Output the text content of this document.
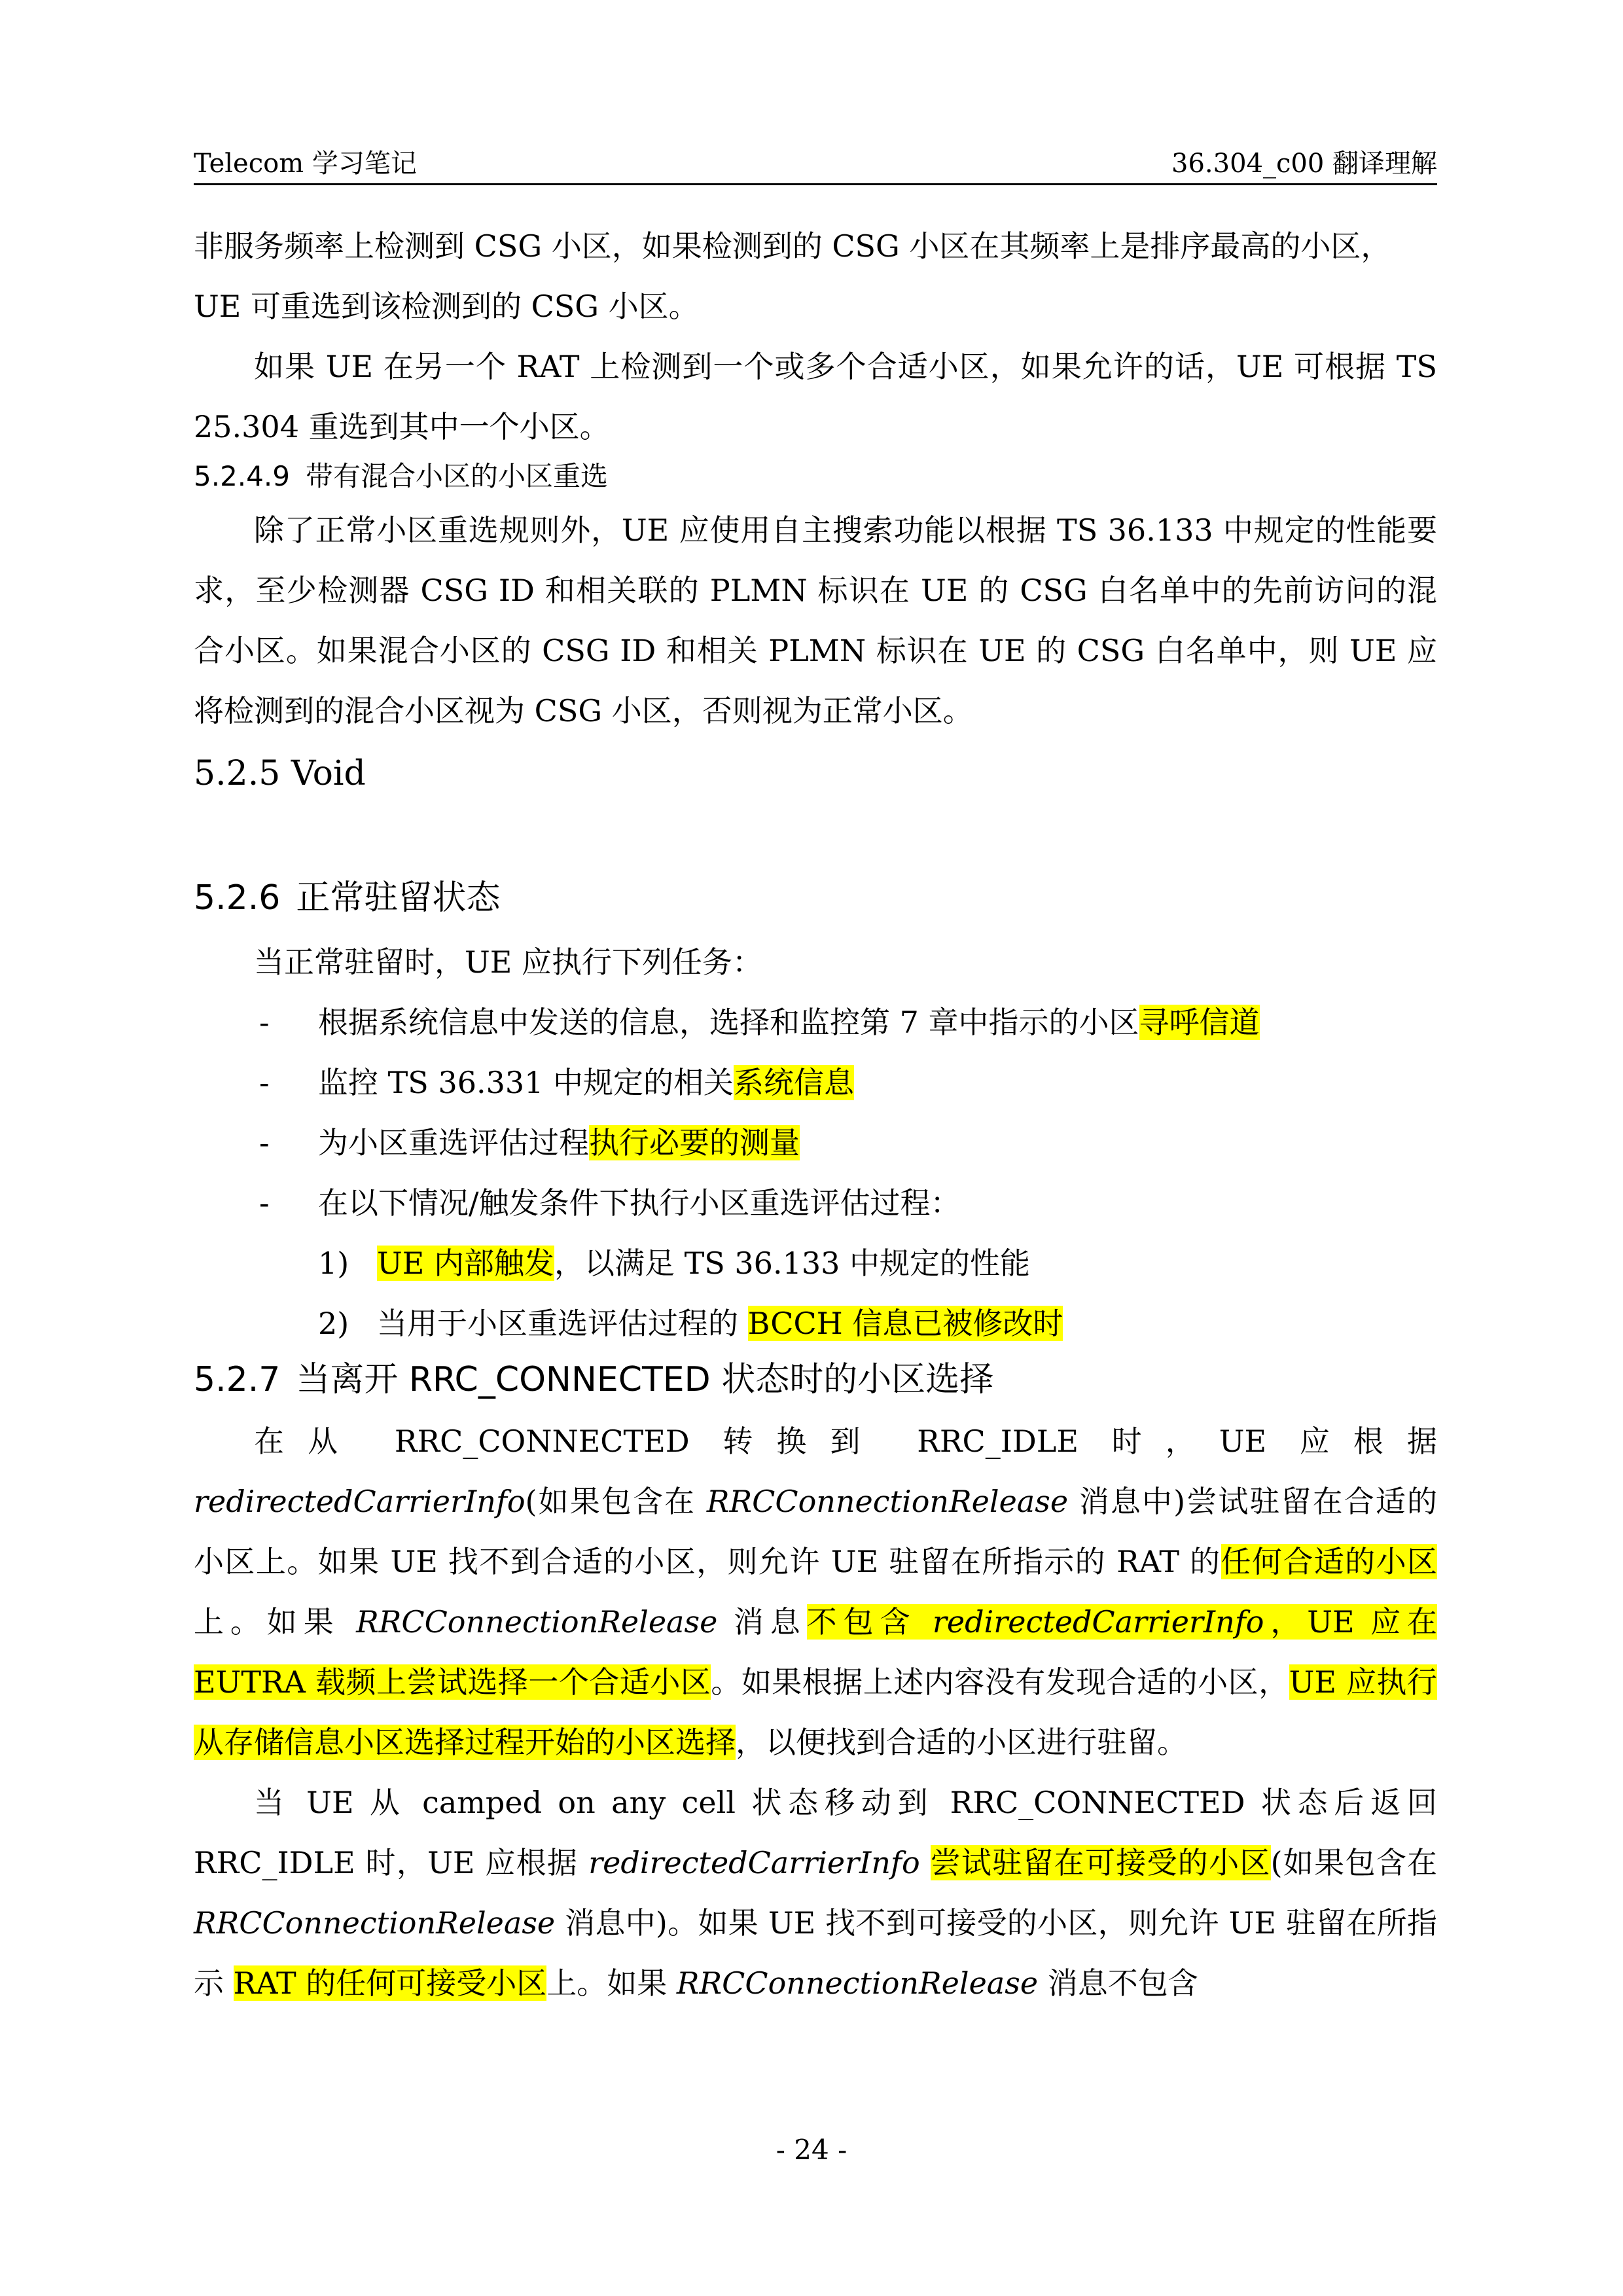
Telecom 学习笔记	36.304_c00 翻译理解

非服务频率上检测到 CSG 小区，如果检测到的 CSG 小区在其频率上是排序最高的小区，
UE 可重选到该检测到的 CSG 小区。

如果 UE 在另一个 RAT 上检测到一个或多个合适小区，如果允许的话，UE 可根据 TS 25.304 重选到其中一个小区。

5.2.4.9 带有混合小区的小区重选

除了正常小区重选规则外，UE 应使用自主搜索功能以根据 TS 36.133 中规定的性能要求，至少检测器 CSG ID 和相关联的 PLMN 标识在 UE 的 CSG 白名单中的先前访问的混合小区。如果混合小区的 CSG ID 和相关 PLMN 标识在 UE 的 CSG 白名单中，则 UE 应将检测到的混合小区视为 CSG 小区，否则视为正常小区。

5.2.5 Void
5.2.6 正常驻留状态

当正常驻留时，UE 应执行下列任务：

- 根据系统信息中发送的信息，选择和监控第 7 章中指示的小区寻呼信道
- 监控 TS 36.331 中规定的相关系统信息
- 为小区重选评估过程执行必要的测量
- 在以下情况/触发条件下执行小区重选评估过程：
1) UE 内部触发，以满足 TS 36.133 中规定的性能
2) 当用于小区重选评估过程的 BCCH 信息已被修改时
5.2.7 当离开 RRC_CONNECTED 状态时的小区选择

在从 RRC_CONNECTED 转换到 RRC_IDLE 时，UE 应根据 redirectedCarrierInfo(如果包含在 RRCConnectionRelease 消息中)尝试驻留在合适的小区上。如果 UE 找不到合适的小区，则允许 UE 驻留在所指示的 RAT 的任何合适的小区上。如果 RRCConnectionRelease 消息不包含 redirectedCarrierInfo，UE 应在 EUTRA 载频上尝试选择一个合适小区。如果根据上述内容没有发现合适的小区，UE 应执行从存储信息小区选择过程开始的小区选择，以便找到合适的小区进行驻留。

当 UE 从 camped on any cell 状态移动到 RRC_CONNECTED 状态后返回 RRC_IDLE 时，UE 应根据 redirectedCarrierInfo 尝试驻留在可接受的小区(如果包含在 RRCConnectionRelease 消息中)。如果 UE 找不到可接受的小区，则允许 UE 驻留在所指示 RAT 的任何可接受小区上。如果 RRCConnectionRelease 消息不包含

- 24 -
